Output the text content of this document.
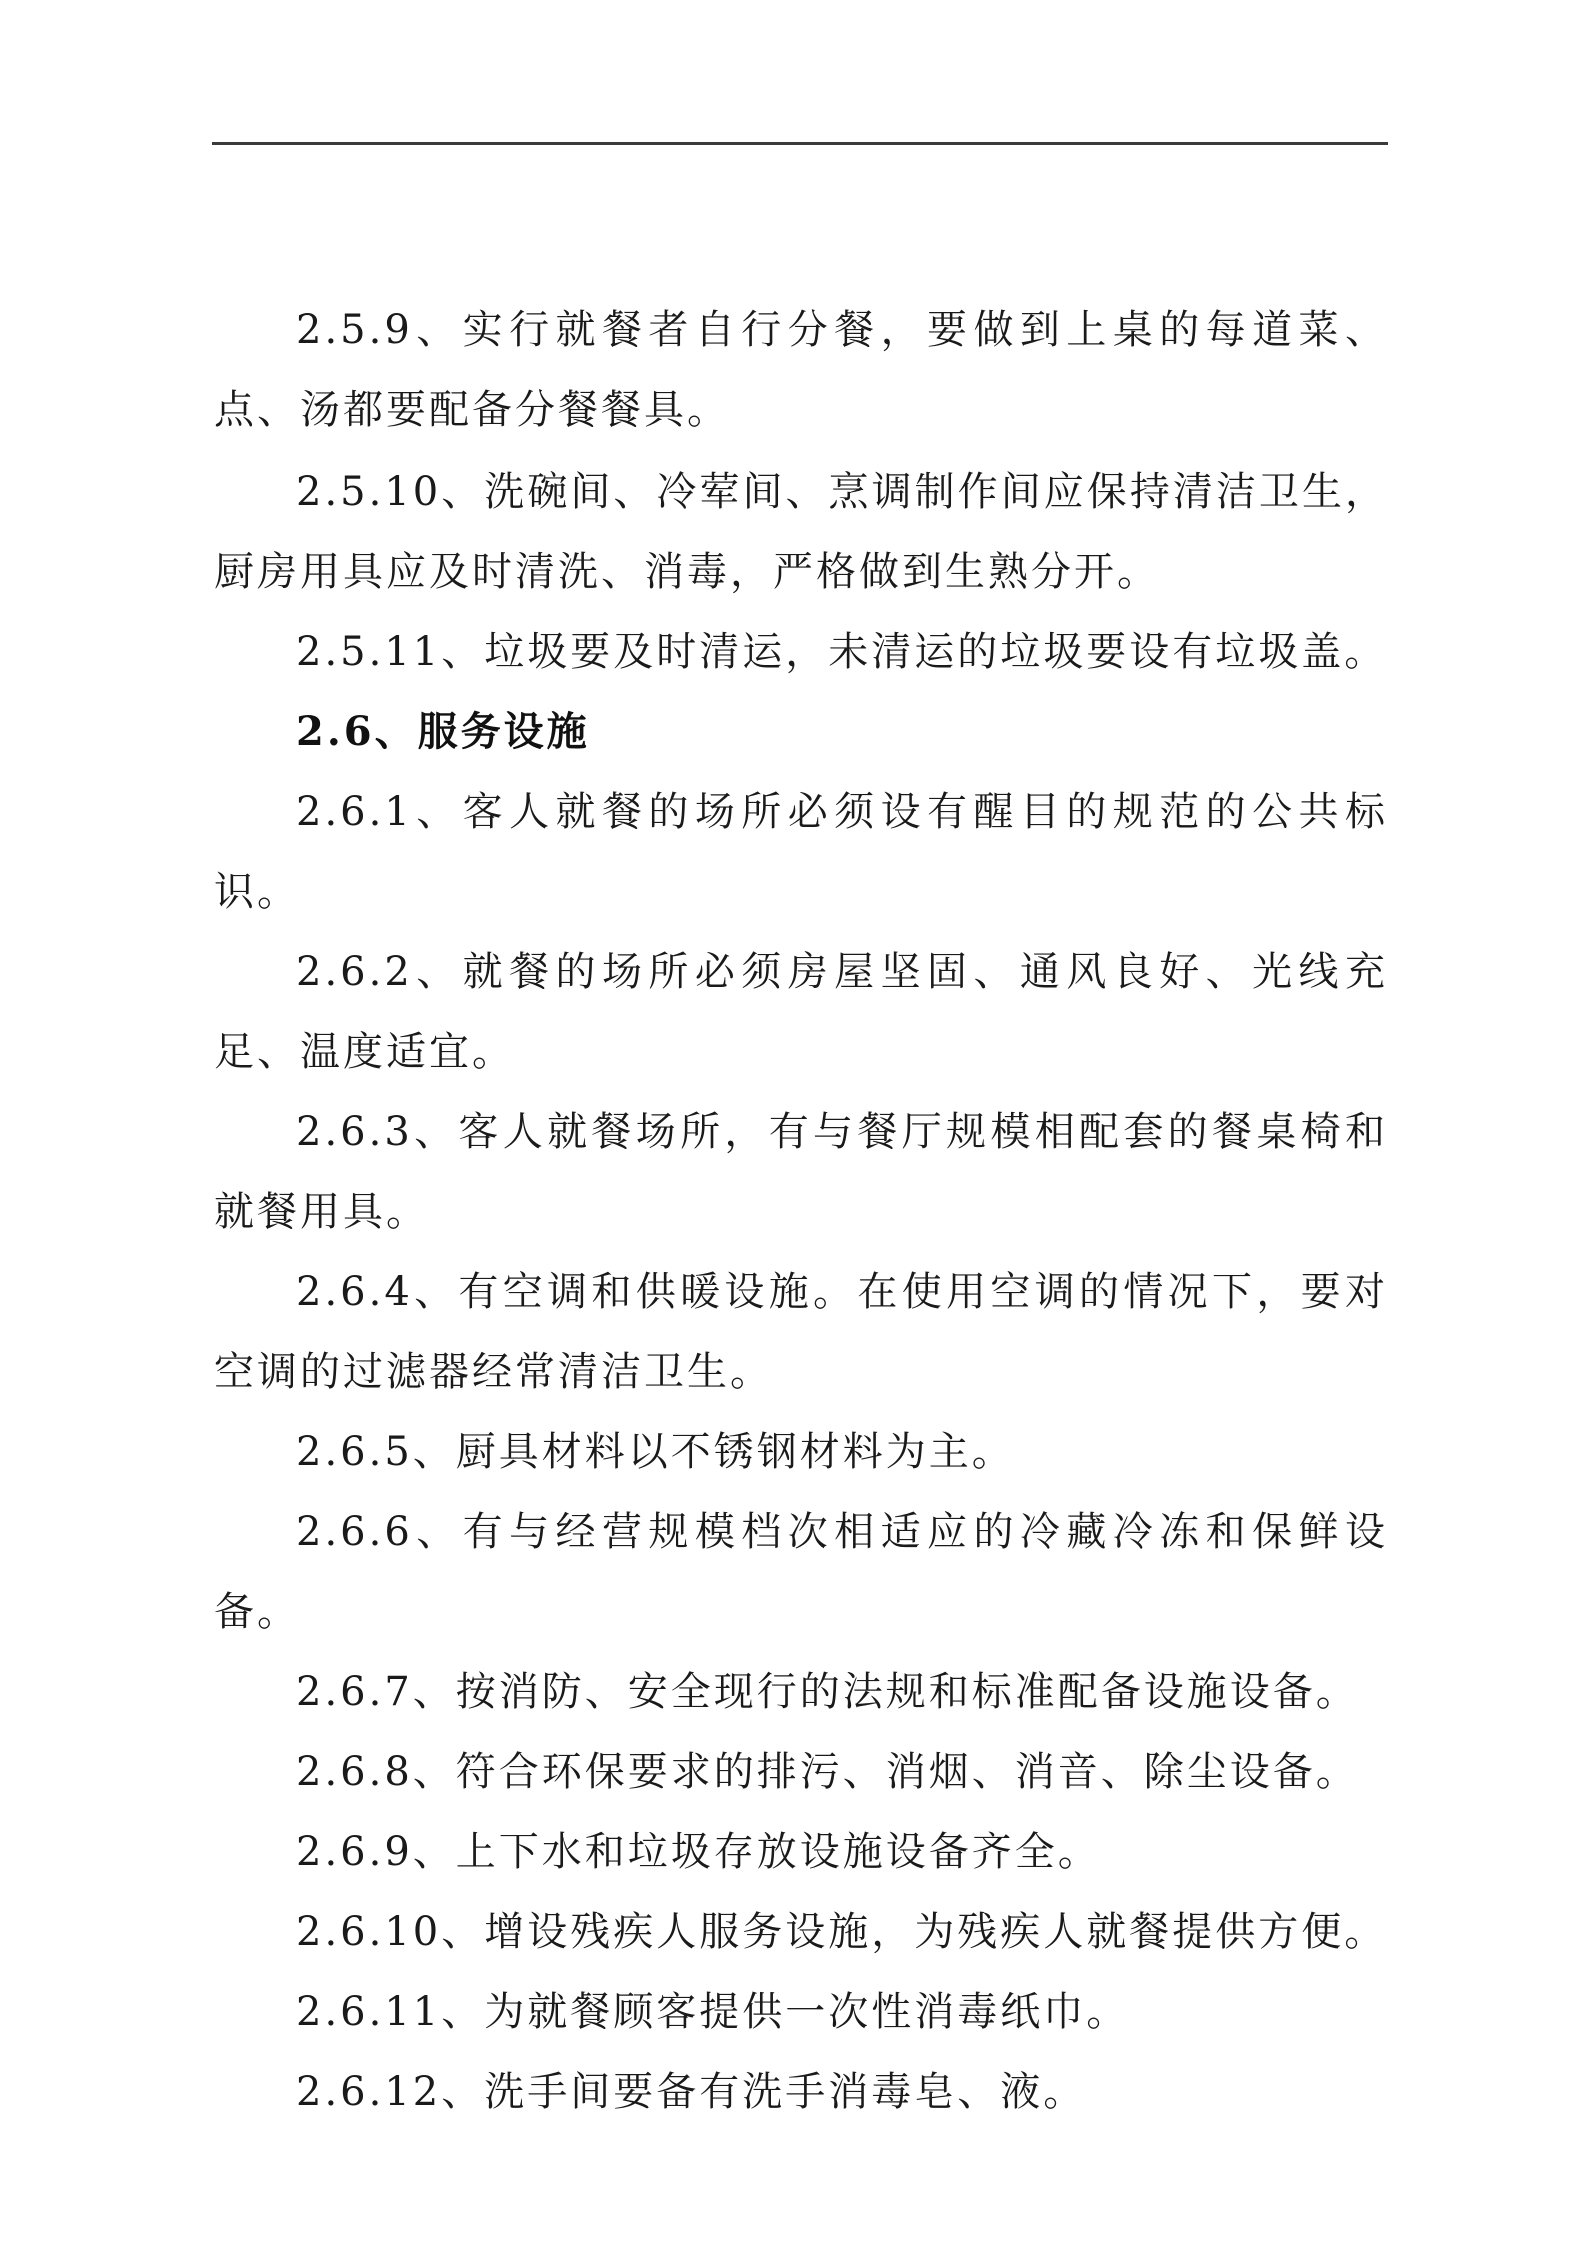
2.5.9、实行就餐者自行分餐，要做到上桌的每道菜、点、汤都要配备分餐餐具。

2.5.10、洗碗间、冷荤间、烹调制作间应保持清洁卫生，厨房用具应及时清洗、消毒，严格做到生熟分开。

2.5.11、垃圾要及时清运，未清运的垃圾要设有垃圾盖。

2.6、服务设施

2.6.1、客人就餐的场所必须设有醒目的规范的公共标识。

2.6.2、就餐的场所必须房屋坚固、通风良好、光线充足、温度适宜。

2.6.3、客人就餐场所，有与餐厅规模相配套的餐桌椅和就餐用具。

2.6.4、有空调和供暖设施。在使用空调的情况下，要对空调的过滤器经常清洁卫生。

2.6.5、厨具材料以不锈钢材料为主。

2.6.6、有与经营规模档次相适应的冷藏冷冻和保鲜设备。

2.6.7、按消防、安全现行的法规和标准配备设施设备。

2.6.8、符合环保要求的排污、消烟、消音、除尘设备。

2.6.9、上下水和垃圾存放设施设备齐全。

2.6.10、增设残疾人服务设施，为残疾人就餐提供方便。

2.6.11、为就餐顾客提供一次性消毒纸巾。

2.6.12、洗手间要备有洗手消毒皂、液。
